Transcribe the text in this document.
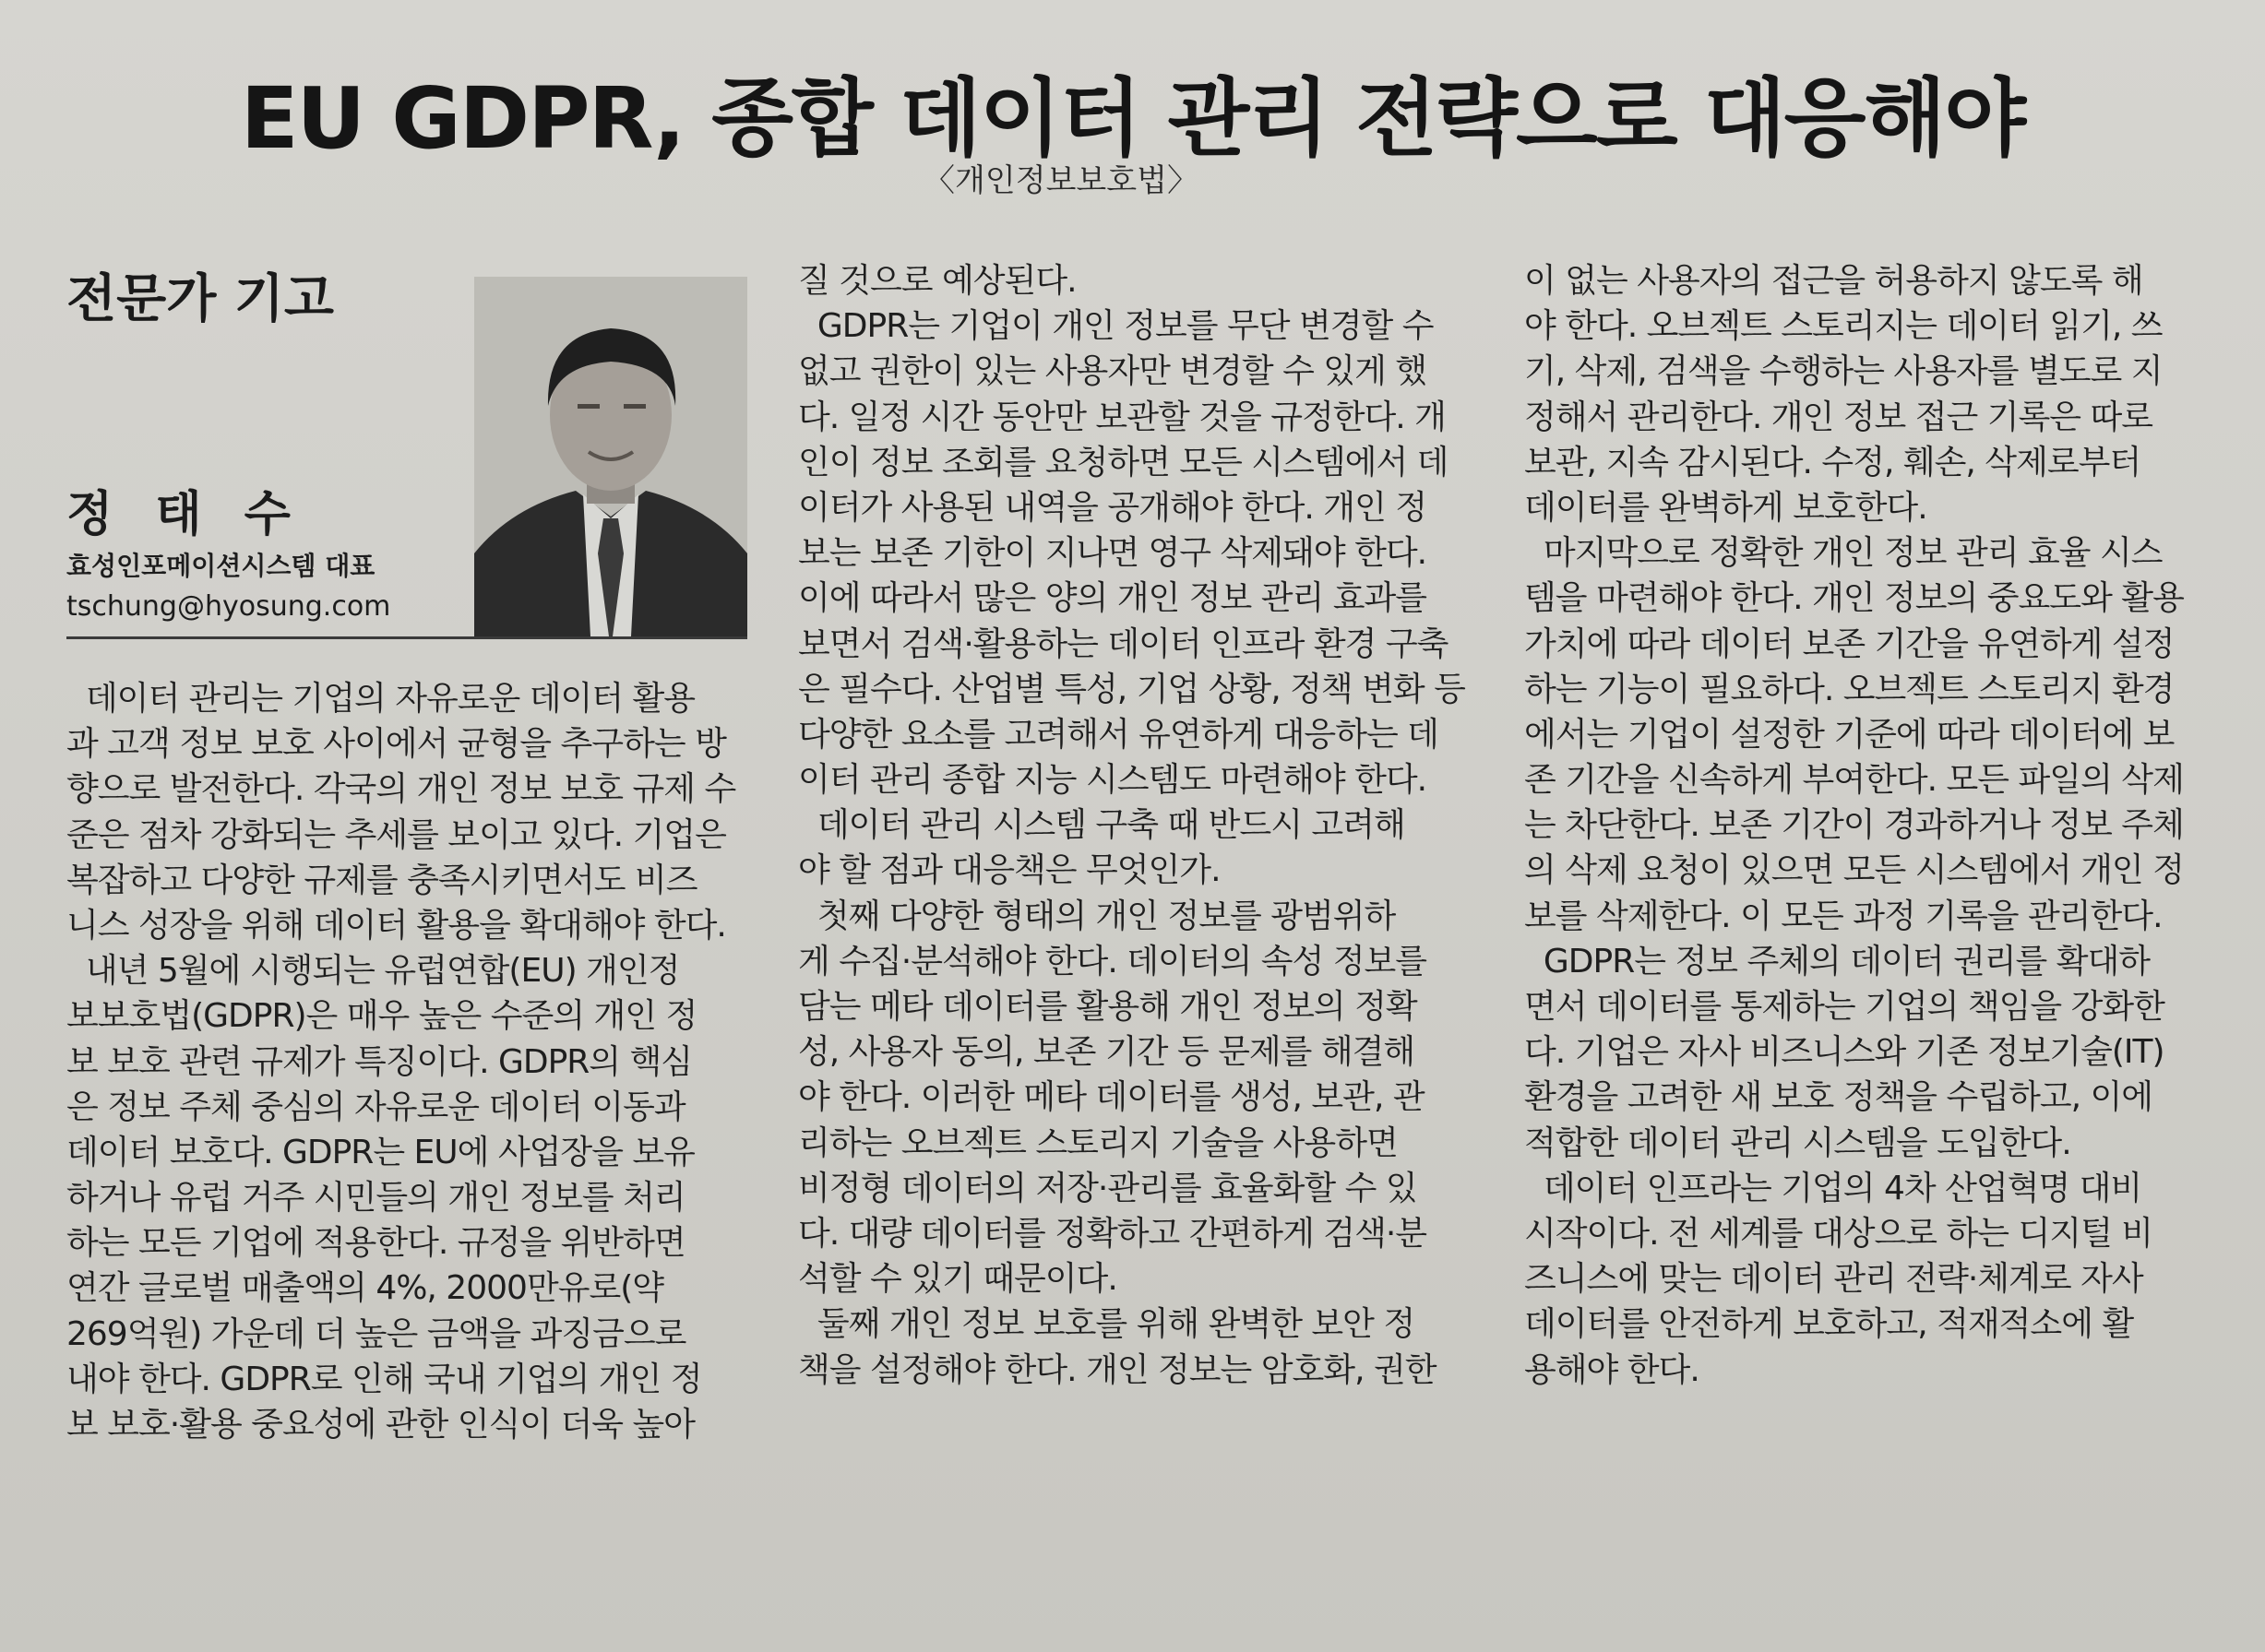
EU GDPR, 종합 데이터 관리 전략으로 대응해야
〈개인정보보호법〉
전문가 기고
정 태 수
효성인포메이션시스템 대표
tschung@hyosung.com
데이터 관리는 기업의 자유로운 데이터 활용
과 고객 정보 보호 사이에서 균형을 추구하는 방
향으로 발전한다. 각국의 개인 정보 보호 규제 수
준은 점차 강화되는 추세를 보이고 있다. 기업은
복잡하고 다양한 규제를 충족시키면서도 비즈
니스 성장을 위해 데이터 활용을 확대해야 한다.
내년 5월에 시행되는 유럽연합(EU) 개인정
보보호법(GDPR)은 매우 높은 수준의 개인 정
보 보호 관련 규제가 특징이다. GDPR의 핵심
은 정보 주체 중심의 자유로운 데이터 이동과
데이터 보호다. GDPR는 EU에 사업장을 보유
하거나 유럽 거주 시민들의 개인 정보를 처리
하는 모든 기업에 적용한다. 규정을 위반하면
연간 글로벌 매출액의 4%, 2000만유로(약
269억원) 가운데 더 높은 금액을 과징금으로
내야 한다. GDPR로 인해 국내 기업의 개인 정
보 보호·활용 중요성에 관한 인식이 더욱 높아
질 것으로 예상된다.
GDPR는 기업이 개인 정보를 무단 변경할 수
없고 권한이 있는 사용자만 변경할 수 있게 했
다. 일정 시간 동안만 보관할 것을 규정한다. 개
인이 정보 조회를 요청하면 모든 시스템에서 데
이터가 사용된 내역을 공개해야 한다. 개인 정
보는 보존 기한이 지나면 영구 삭제돼야 한다.
이에 따라서 많은 양의 개인 정보 관리 효과를
보면서 검색·활용하는 데이터 인프라 환경 구축
은 필수다. 산업별 특성, 기업 상황, 정책 변화 등
다양한 요소를 고려해서 유연하게 대응하는 데
이터 관리 종합 지능 시스템도 마련해야 한다.
데이터 관리 시스템 구축 때 반드시 고려해
야 할 점과 대응책은 무엇인가.
첫째 다양한 형태의 개인 정보를 광범위하
게 수집·분석해야 한다. 데이터의 속성 정보를
담는 메타 데이터를 활용해 개인 정보의 정확
성, 사용자 동의, 보존 기간 등 문제를 해결해
야 한다. 이러한 메타 데이터를 생성, 보관, 관
리하는 오브젝트 스토리지 기술을 사용하면
비정형 데이터의 저장·관리를 효율화할 수 있
다. 대량 데이터를 정확하고 간편하게 검색·분
석할 수 있기 때문이다.
둘째 개인 정보 보호를 위해 완벽한 보안 정
책을 설정해야 한다. 개인 정보는 암호화, 권한
이 없는 사용자의 접근을 허용하지 않도록 해
야 한다. 오브젝트 스토리지는 데이터 읽기, 쓰
기, 삭제, 검색을 수행하는 사용자를 별도로 지
정해서 관리한다. 개인 정보 접근 기록은 따로
보관, 지속 감시된다. 수정, 훼손, 삭제로부터
데이터를 완벽하게 보호한다.
마지막으로 정확한 개인 정보 관리 효율 시스
템을 마련해야 한다. 개인 정보의 중요도와 활용
가치에 따라 데이터 보존 기간을 유연하게 설정
하는 기능이 필요하다. 오브젝트 스토리지 환경
에서는 기업이 설정한 기준에 따라 데이터에 보
존 기간을 신속하게 부여한다. 모든 파일의 삭제
는 차단한다. 보존 기간이 경과하거나 정보 주체
의 삭제 요청이 있으면 모든 시스템에서 개인 정
보를 삭제한다. 이 모든 과정 기록을 관리한다.
GDPR는 정보 주체의 데이터 권리를 확대하
면서 데이터를 통제하는 기업의 책임을 강화한
다. 기업은 자사 비즈니스와 기존 정보기술(IT)
환경을 고려한 새 보호 정책을 수립하고, 이에
적합한 데이터 관리 시스템을 도입한다.
데이터 인프라는 기업의 4차 산업혁명 대비
시작이다. 전 세계를 대상으로 하는 디지털 비
즈니스에 맞는 데이터 관리 전략·체계로 자사
데이터를 안전하게 보호하고, 적재적소에 활
용해야 한다.
